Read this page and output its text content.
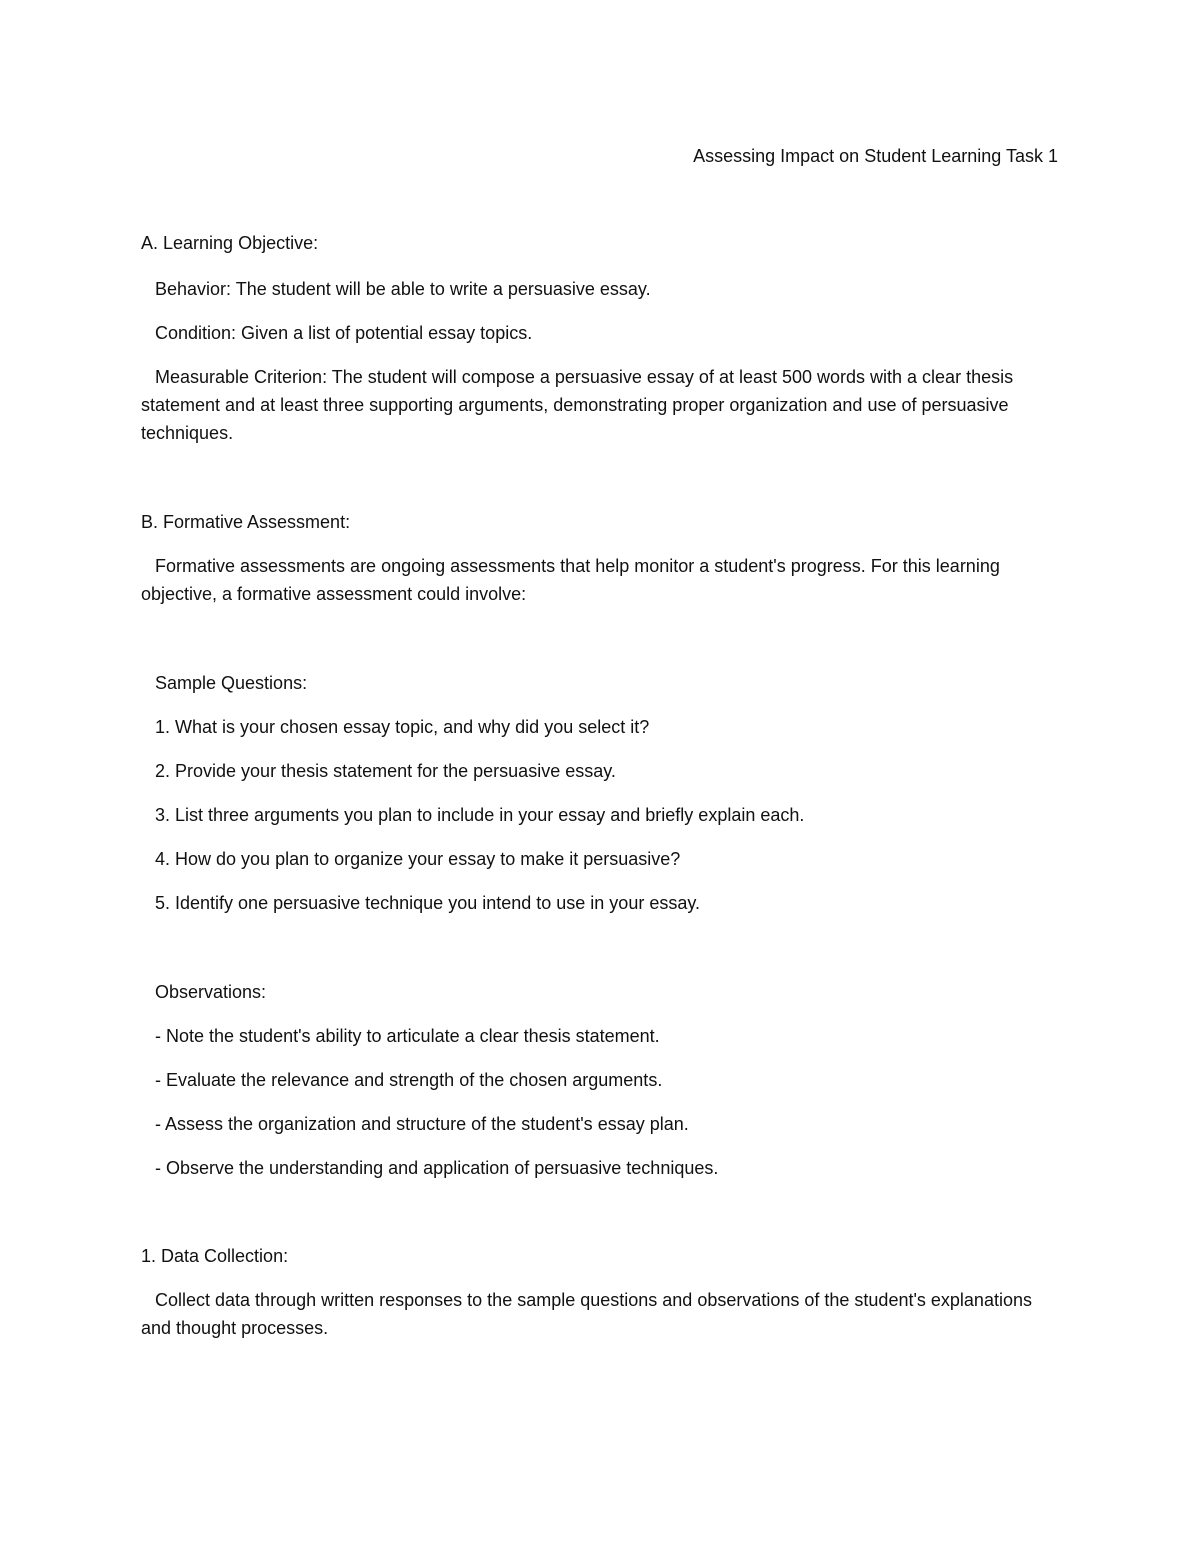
Assessing Impact on Student Learning Task 1

A. Learning Objective:

Behavior: The student will be able to write a persuasive essay.

Condition: Given a list of potential essay topics.

Measurable Criterion: The student will compose a persuasive essay of at least 500 words with a clear thesis statement and at least three supporting arguments, demonstrating proper organization and use of persuasive techniques.

B. Formative Assessment:

Formative assessments are ongoing assessments that help monitor a student's progress. For this learning objective, a formative assessment could involve:

Sample Questions:

1. What is your chosen essay topic, and why did you select it?

2. Provide your thesis statement for the persuasive essay.

3. List three arguments you plan to include in your essay and briefly explain each.

4. How do you plan to organize your essay to make it persuasive?

5. Identify one persuasive technique you intend to use in your essay.

Observations:

- Note the student's ability to articulate a clear thesis statement.

- Evaluate the relevance and strength of the chosen arguments.

- Assess the organization and structure of the student's essay plan.

- Observe the understanding and application of persuasive techniques.

1. Data Collection:

Collect data through written responses to the sample questions and observations of the student's explanations and thought processes.
